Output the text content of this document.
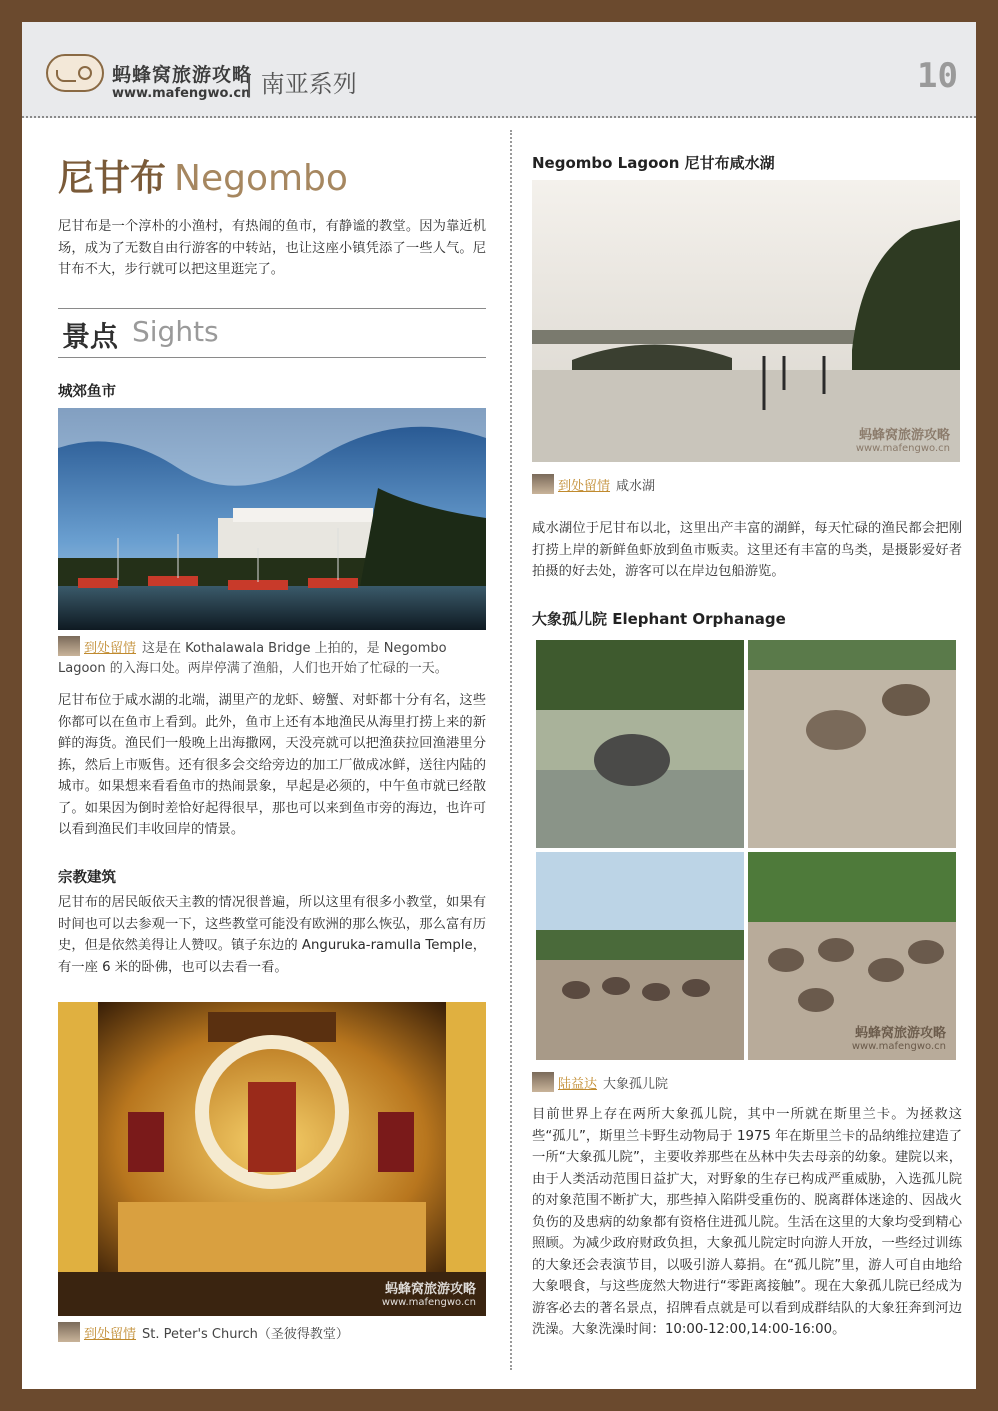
蚂蜂窝旅游攻略
www.mafengwo.cn
| 南亚系列	10
尼甘布 Negombo

尼甘布是一个淳朴的小渔村，有热闹的鱼市，有静谧的教堂。因为靠近机场，成为了无数自由行游客的中转站，也让这座小镇凭添了一些人气。尼甘布不大，步行就可以把这里逛完了。

景点 Sights
城郊鱼市
到处留情 这是在 Kothalawala Bridge 上拍的，是 Negombo Lagoon 的入海口处。两岸停满了渔船，人们也开始了忙碌的一天。

尼甘布位于咸水湖的北端，湖里产的龙虾、螃蟹、对虾都十分有名，这些你都可以在鱼市上看到。此外，鱼市上还有本地渔民从海里打捞上来的新鲜的海货。渔民们一般晚上出海撒网，天没亮就可以把渔获拉回渔港里分拣，然后上市贩售。还有很多会交给旁边的加工厂做成冰鲜，送往内陆的城市。如果想来看看鱼市的热闹景象，早起是必须的，中午鱼市就已经散了。如果因为倒时差恰好起得很早，那也可以来到鱼市旁的海边，也许可以看到渔民们丰收回岸的情景。

宗教建筑

尼甘布的居民皈依天主教的情况很普遍，所以这里有很多小教堂，如果有时间也可以去参观一下，这些教堂可能没有欧洲的那么恢弘，那么富有历史，但是依然美得让人赞叹。镇子东边的 Anguruka-ramulla Temple，有一座 6 米的卧佛，也可以去看一看。

蚂蜂窝旅游攻略
www.mafengwo.cn
到处留情 St. Peter's Church（圣彼得教堂）
Negombo Lagoon 尼甘布咸水湖
蚂蜂窝旅游攻略
www.mafengwo.cn
到处留情 咸水湖

咸水湖位于尼甘布以北，这里出产丰富的湖鲜，每天忙碌的渔民都会把刚打捞上岸的新鲜鱼虾放到鱼市贩卖。这里还有丰富的鸟类，是摄影爱好者拍摄的好去处，游客可以在岸边包船游览。

大象孤儿院 Elephant Orphanage
蚂蜂窝旅游攻略
www.mafengwo.cn
陆益达 大象孤儿院

目前世界上存在两所大象孤儿院，其中一所就在斯里兰卡。为拯救这些“孤儿”，斯里兰卡野生动物局于 1975 年在斯里兰卡的品纳维拉建造了一所“大象孤儿院”，主要收养那些在丛林中失去母亲的幼象。建院以来，由于人类活动范围日益扩大，对野象的生存已构成严重威胁，入选孤儿院的对象范围不断扩大，那些掉入陷阱受重伤的、脱离群体迷途的、因战火负伤的及患病的幼象都有资格住进孤儿院。生活在这里的大象均受到精心照顾。为减少政府财政负担，大象孤儿院定时向游人开放，一些经过训练的大象还会表演节目，以吸引游人募捐。在“孤儿院”里，游人可自由地给大象喂食，与这些庞然大物进行“零距离接触”。现在大象孤儿院已经成为游客必去的著名景点，招牌看点就是可以看到成群结队的大象狂奔到河边洗澡。大象洗澡时间：10:00-12:00,14:00-16:00。
